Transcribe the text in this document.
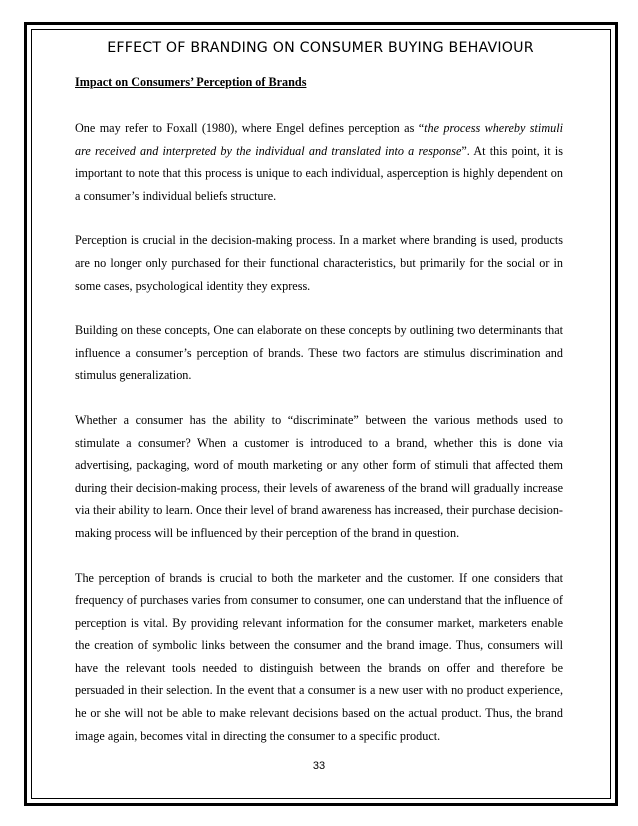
EFFECT OF BRANDING ON CONSUMER BUYING BEHAVIOUR

Impact on Consumers’ Perception of Brands

One may refer to Foxall (1980), where Engel defines perception as “the process whereby stimuli are received and interpreted by the individual and translated into a response”. At this point, it is important to note that this process is unique to each individual, asperception is highly dependent on a consumer’s individual beliefs structure.

Perception is crucial in the decision-making process. In a market where branding is used, products are no longer only purchased for their functional characteristics, but primarily for the social or in some cases, psychological identity they express.

Building on these concepts, One can elaborate on these concepts by outlining two determinants that influence a consumer’s perception of brands. These two factors are stimulus discrimination and stimulus generalization.

Whether a consumer has the ability to “discriminate” between the various methods used to stimulate a consumer? When a customer is introduced to a brand, whether this is done via advertising, packaging, word of mouth marketing or any other form of stimuli that affected them during their decision-making process, their levels of awareness of the brand will gradually increase via their ability to learn. Once their level of brand awareness has increased, their purchase decision-making process will be influenced by their perception of the brand in question.

The perception of brands is crucial to both the marketer and the customer. If one considers that frequency of purchases varies from consumer to consumer, one can understand that the influence of perception is vital. By providing relevant information for the consumer market, marketers enable the creation of symbolic links between the consumer and the brand image. Thus, consumers will have the relevant tools needed to distinguish between the brands on offer and therefore be persuaded in their selection. In the event that a consumer is a new user with no product experience, he or she will not be able to make relevant decisions based on the actual product. Thus, the brand image again, becomes vital in directing the consumer to a specific product.

33
